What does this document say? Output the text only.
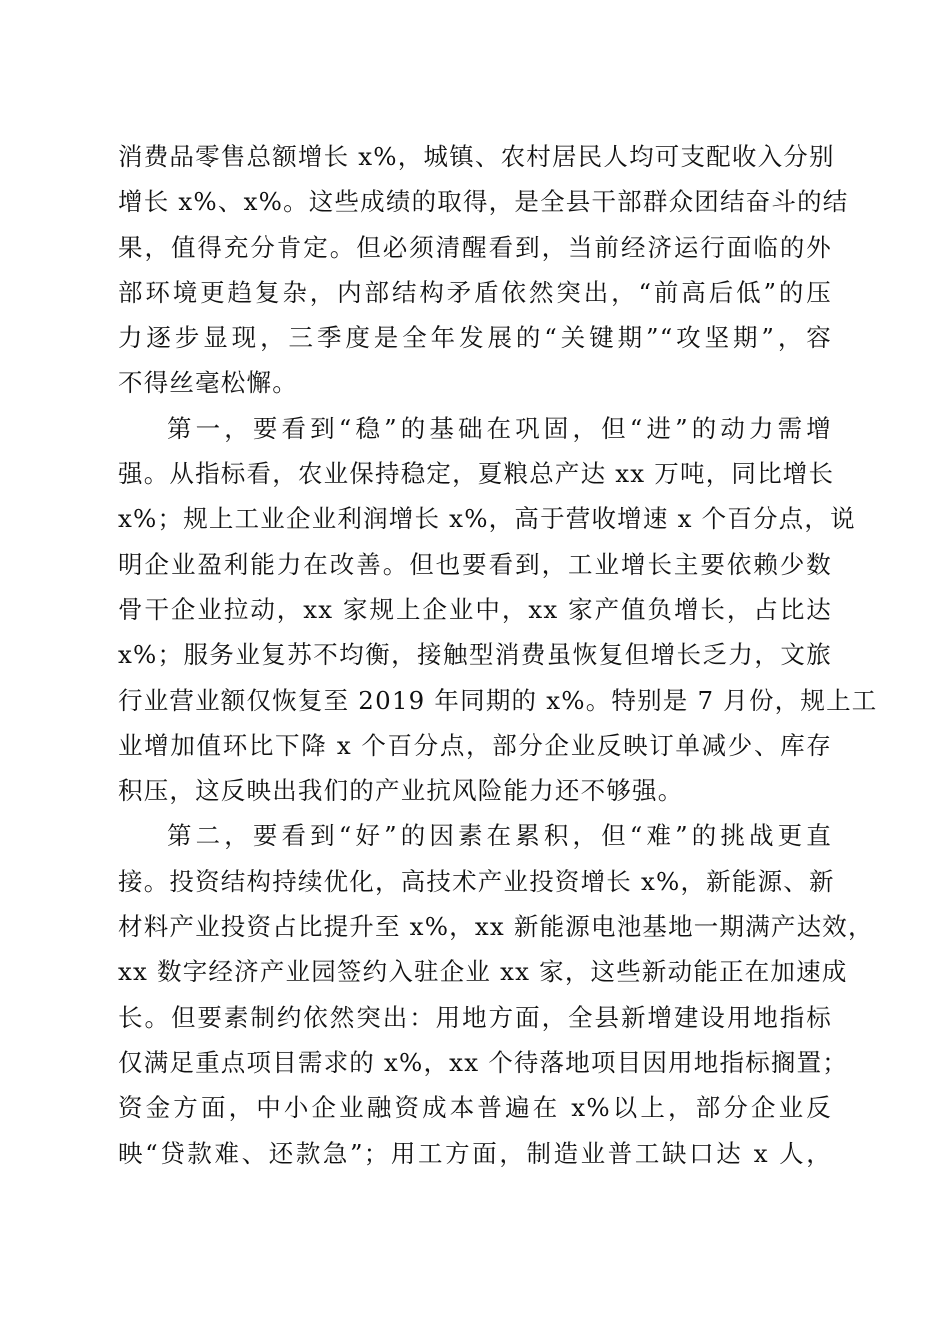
消费品零售总额增长 x%，城镇、农村居民人均可支配收入分别
增长 x%、x%。这些成绩的取得，是全县干部群众团结奋斗的结
果，值得充分肯定。但必须清醒看到，当前经济运行面临的外
部环境更趋复杂，内部结构矛盾依然突出，“前高后低”的压
力逐步显现，三季度是全年发展的“关键期”“攻坚期”，容
不得丝毫松懈。
第一，要看到“稳”的基础在巩固，但“进”的动力需增
强。从指标看，农业保持稳定，夏粮总产达 xx 万吨，同比增长
x%；规上工业企业利润增长 x%，高于营收增速 x 个百分点，说
明企业盈利能力在改善。但也要看到，工业增长主要依赖少数
骨干企业拉动，xx 家规上企业中，xx 家产值负增长，占比达
x%；服务业复苏不均衡，接触型消费虽恢复但增长乏力，文旅
行业营业额仅恢复至 2019 年同期的 x%。特别是 7 月份，规上工
业增加值环比下降 x 个百分点，部分企业反映订单减少、库存
积压，这反映出我们的产业抗风险能力还不够强。
第二，要看到“好”的因素在累积，但“难”的挑战更直
接。投资结构持续优化，高技术产业投资增长 x%，新能源、新
材料产业投资占比提升至 x%，xx 新能源电池基地一期满产达效，
xx 数字经济产业园签约入驻企业 xx 家，这些新动能正在加速成
长。但要素制约依然突出：用地方面，全县新增建设用地指标
仅满足重点项目需求的 x%，xx 个待落地项目因用地指标搁置；
资金方面，中小企业融资成本普遍在 x%以上，部分企业反
映“贷款难、还款急”；用工方面，制造业普工缺口达 x 人，
